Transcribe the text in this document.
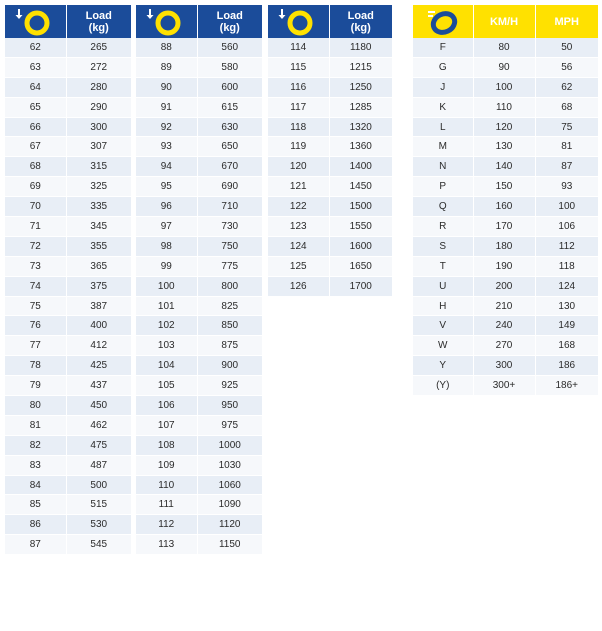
	Load
(kg)
62	265
63	272
64	280
65	290
66	300
67	307
68	315
69	325
70	335
71	345
72	355
73	365
74	375
75	387
76	400
77	412
78	425
79	437
80	450
81	462
82	475
83	487
84	500
85	515
86	530
87	545
	Load
(kg)
88	560
89	580
90	600
91	615
92	630
93	650
94	670
95	690
96	710
97	730
98	750
99	775
100	800
101	825
102	850
103	875
104	900
105	925
106	950
107	975
108	1000
109	1030
110	1060
111	1090
112	1120
113	1150
	Load
(kg)
114	1180
115	1215
116	1250
117	1285
118	1320
119	1360
120	1400
121	1450
122	1500
123	1550
124	1600
125	1650
126	1700
	KM/H	MPH
F	80	50
G	90	56
J	100	62
K	110	68
L	120	75
M	130	81
N	140	87
P	150	93
Q	160	100
R	170	106
S	180	112
T	190	118
U	200	124
H	210	130
V	240	149
W	270	168
Y	300	186
(Y)	300+	186+
